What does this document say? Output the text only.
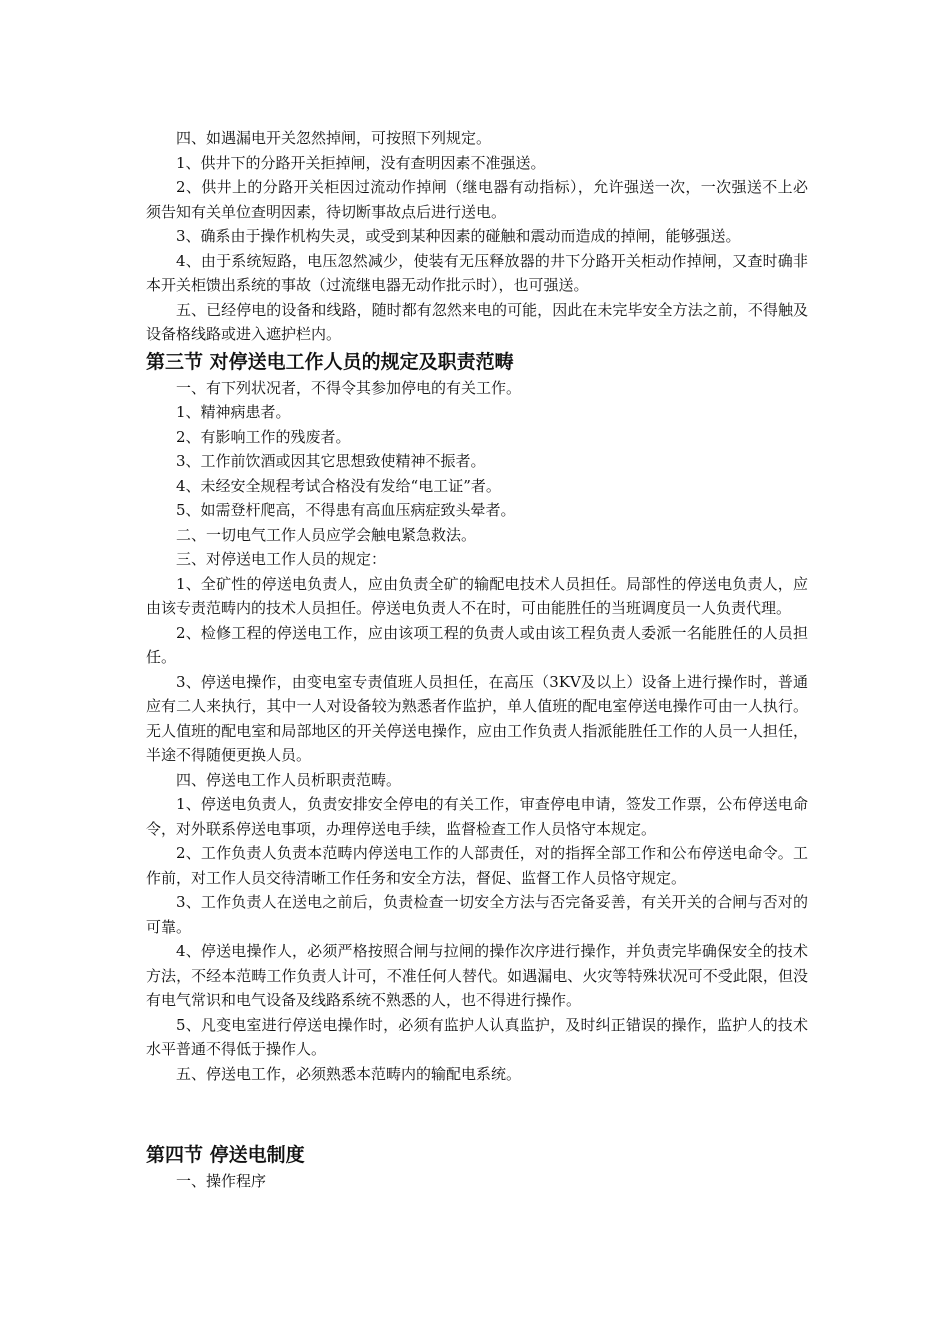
四、如遇漏电开关忽然掉闸，可按照下列规定。
1、供井下的分路开关拒掉闸，没有查明因素不准强送。
2、供井上的分路开关柜因过流动作掉闸（继电器有动指标），允许强送一次，一次强送不上必须告知有关单位查明因素，待切断事故点后进行送电。
3、确系由于操作机构失灵，或受到某种因素的碰触和震动而造成的掉闸，能够强送。
4、由于系统短路，电压忽然减少，使装有无压释放器的井下分路开关柜动作掉闸，又查时确非本开关柜馈出系统的事故（过流继电器无动作批示时），也可强送。
五、已经停电的设备和线路，随时都有忽然来电的可能，因此在未完毕安全方法之前，不得触及设备格线路或进入遮护栏内。
第三节 对停送电工作人员的规定及职责范畴
一、有下列状况者，不得令其参加停电的有关工作。
1、精神病患者。
2、有影响工作的残废者。
3、工作前饮酒或因其它思想致使精神不振者。
4、未经安全规程考试合格没有发给“电工证”者。
5、如需登杆爬高，不得患有高血压病症致头晕者。
二、一切电气工作人员应学会触电紧急救法。
三、对停送电工作人员的规定：
1、全矿性的停送电负责人，应由负责全矿的输配电技术人员担任。局部性的停送电负责人，应由该专责范畴内的技术人员担任。停送电负责人不在时，可由能胜任的当班调度员一人负责代理。
2、检修工程的停送电工作，应由该项工程的负责人或由该工程负责人委派一名能胜任的人员担任。
3、停送电操作，由变电室专责值班人员担任，在高压（3KV及以上）设备上进行操作时，普通应有二人来执行，其中一人对设备较为熟悉者作监护，单人值班的配电室停送电操作可由一人执行。无人值班的配电室和局部地区的开关停送电操作，应由工作负责人指派能胜任工作的人员一人担任，半途不得随便更换人员。
四、停送电工作人员析职责范畴。
1、停送电负责人，负责安排安全停电的有关工作，审查停电申请，签发工作票，公布停送电命令，对外联系停送电事项，办理停送电手续，监督检查工作人员恪守本规定。
2、工作负责人负责本范畴内停送电工作的人部责任，对的指挥全部工作和公布停送电命令。工作前，对工作人员交待清晰工作任务和安全方法，督促、监督工作人员恪守规定。
3、工作负责人在送电之前后，负责检查一切安全方法与否完备妥善，有关开关的合闸与否对的可靠。
4、停送电操作人，必须严格按照合闸与拉闸的操作次序进行操作，并负责完毕确保安全的技术方法，不经本范畴工作负责人计可，不准任何人替代。如遇漏电、火灾等特殊状况可不受此限，但没有电气常识和电气设备及线路系统不熟悉的人，也不得进行操作。
5、凡变电室进行停送电操作时，必须有监护人认真监护，及时纠正错误的操作，监护人的技术水平普通不得低于操作人。
五、停送电工作，必须熟悉本范畴内的输配电系统。
第四节 停送电制度
一、操作程序
